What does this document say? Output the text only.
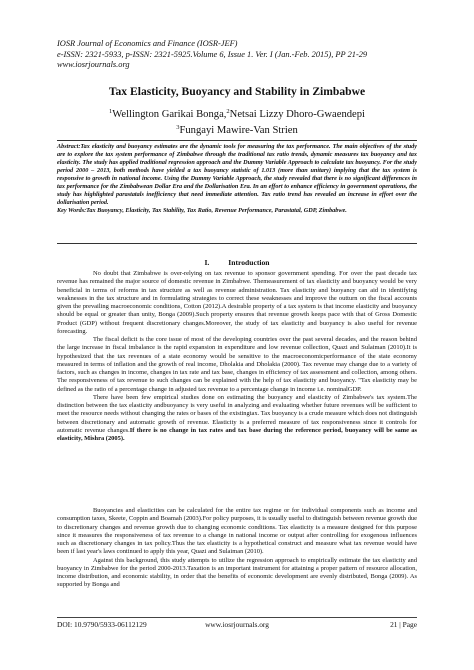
IOSR Journal of Economics and Finance (IOSR-JEF)
e-ISSN: 2321-5933, p-ISSN: 2321-5925.Volume 6, Issue 1. Ver. I (Jan.-Feb. 2015), PP 21-29
www.iosrjournals.org
Tax Elasticity, Buoyancy and Stability in Zimbabwe
$^1$Wellington Garikai Bonga,$^2$Netsai Lizzy Dhoro-Gwaendepi
$^3$Fungayi Mawire-Van Strien
Abstract:Tax elasticity and buoyancy estimates are the dynamic tools for measuring the tax performance. The main objectives of the study are to explore the tax system performance of Zimbabwe through the traditional tax ratio trends, dynamic measures tax buoyancy and tax elasticity. The study has applied traditional regression approach and the Dummy Variable Approach to calculate tax buoyancy. For the study period 2000 – 2013, both methods have yielded a tax buoyancy statistic of 1.013 (more than unitary) implying that the tax system is responsive to growth in national income. Using the Dummy Variable Approach, the study revealed that there is no significant differences in tax performance for the Zimbabwean Dollar Era and the Dollarisation Era. In an effort to enhance efficiency in government operations, the study has highlighted parastatals inefficiency that need immediate attention. Tax ratio trend has revealed an increase in effort over the dollarisation period.
Key Words:Tax Buoyancy, Elasticity, Tax Stability, Tax Ratio, Revenue Performance, Parastatal, GDP, Zimbabwe.
I.          Introduction

No doubt that Zimbabwe is over-relying on tax revenue to sponsor government spending. For over the past decade tax revenue has remained the major source of domestic revenue in Zimbabwe. Themeasurement of tax elasticity and buoyancy would be very beneficial in terms of reforms in tax structure as well as revenue administration. Tax elasticity and buoyancy can aid in identifying weaknesses in the tax structure and in formulating strategies to correct these weaknesses and improve the outturn on the fiscal accounts given the prevailing macroeconomic conditions, Cotton (2012).A desirable property of a tax system is that income elasticity and buoyancy should be equal or greater than unity, Bonga (2009).Such property ensures that revenue growth keeps pace with that of Gross Domestic Product (GDP) without frequent discretionary changes.Moreover, the study of tax elasticity and buoyancy is also useful for revenue forecasting.

The fiscal deficit is the core issue of most of the developing countries over the past several decades, and the reason behind the large increase in fiscal imbalance is the rapid expansion in expenditure and low revenue collection, Quazi and Sulaiman (2010).It is hypothesized that the tax revenues of a state economy would be sensitive to the macroeconomicperformance of the state economy measured in terms of inflation and the growth of real income, Dholakia and Dholakia (2000). Tax revenue may change due to a variety of factors, such as changes in income, changes in tax rate and tax base, changes in efficiency of tax assessment and collection, among others. The responsiveness of tax revenue to such changes can be explained with the help of tax elasticity and buoyancy. "Tax elasticity may be defined as the ratio of a percentage change in adjusted tax revenue to a percentage change in income i.e. nominalGDP.

There have been few empirical studies done on estimating the buoyancy and elasticity of Zimbabwe's tax system.The distinction between the tax elasticity andbuoyancy is very useful in analyzing and evaluating whether future revenues will be sufficient to meet the resource needs without changing the rates or bases of the existingtax. Tax buoyancy is a crude measure which does not distinguish between discretionary and automatic growth of revenue. Elasticity is a preferred measure of tax responsiveness since it controls for automatic revenue changes.If there is no change in tax rates and tax base during the reference period, buoyancy will be same as elasticity, Mishra (2005).

Buoyancies and elasticities can be calculated for the entire tax regime or for individual components such as income and consumption taxes, Skeete, Coppin and Boamah (2003).For policy purposes, it is usually useful to distinguish between revenue growth due to discretionary changes and revenue growth due to changing economic conditions. Tax elasticity is a measure designed for this purpose since it measures the responsiveness of tax revenue to a change in national income or output after controlling for exogenous influences such as discretionary changes in tax policy.Thus the tax elasticity is a hypothetical construct and measure what tax revenue would have been if last year's laws continued to apply this year, Quazi and Sulaiman (2010).

Against this background, this study attempts to utilize the regression approach to empirically estimate the tax elasticity and buoyancy in Zimbabwe for the period 2000-2013.Taxation is an important instrument for attaining a proper pattern of resource allocation, income distribution, and economic stability, in order that the benefits of economic development are evenly distributed, Bonga (2009). As supported by Bonga and

DOI: 10.9790/5933-06112129	www.iosrjournals.org	21 | Page
